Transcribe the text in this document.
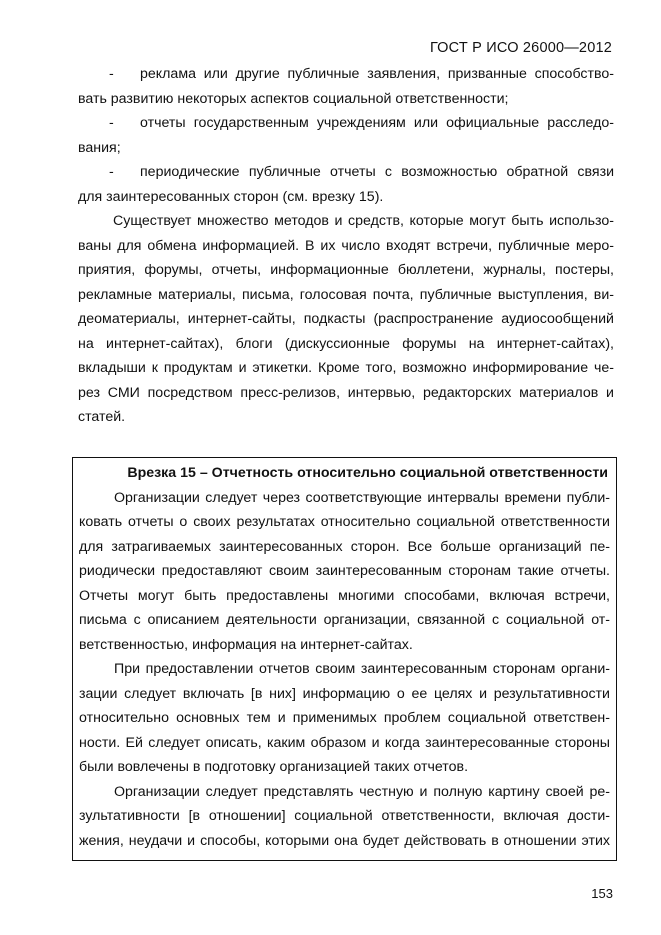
ГОСТ Р ИСО 26000—2012
-	реклама или другие публичные заявления, призванные способство-
вать развитию некоторых аспектов социальной ответственности;
-	отчеты государственным учреждениям или официальные расследо-
вания;
-	периодические публичные отчеты с возможностью обратной связи
для заинтересованных сторон (см. врезку 15).
Существует множество методов и средств, которые могут быть использо-
ваны для обмена информацией. В их число входят встречи, публичные меро-
приятия, форумы, отчеты, информационные бюллетени, журналы, постеры,
рекламные материалы, письма, голосовая почта, публичные выступления, ви-
деоматериалы, интернет-сайты, подкасты (распространение аудиосообщений
на интернет-сайтах), блоги (дискуссионные форумы на интернет-сайтах),
вкладыши к продуктам и этикетки. Кроме того, возможно информирование че-
рез СМИ посредством пресс-релизов, интервью, редакторских материалов и
статей.
Врезка 15 – Отчетность относительно социальной ответственности
Организации следует через соответствующие интервалы времени публи-
ковать отчеты о своих результатах относительно социальной ответственности
для затрагиваемых заинтересованных сторон. Все больше организаций пе-
риодически предоставляют своим заинтересованным сторонам такие отчеты.
Отчеты могут быть предоставлены многими способами, включая встречи,
письма с описанием деятельности организации, связанной с социальной от-
ветственностью, информация на интернет-сайтах.
При предоставлении отчетов своим заинтересованным сторонам органи-
зации следует включать [в них] информацию о ее целях и результативности
относительно основных тем и применимых проблем социальной ответствен-
ности. Ей следует описать, каким образом и когда заинтересованные стороны
были вовлечены в подготовку организацией таких отчетов.
Организации следует представлять честную и полную картину своей ре-
зультативности [в отношении] социальной ответственности, включая дости-
жения, неудачи и способы, которыми она будет действовать в отношении этих
153
